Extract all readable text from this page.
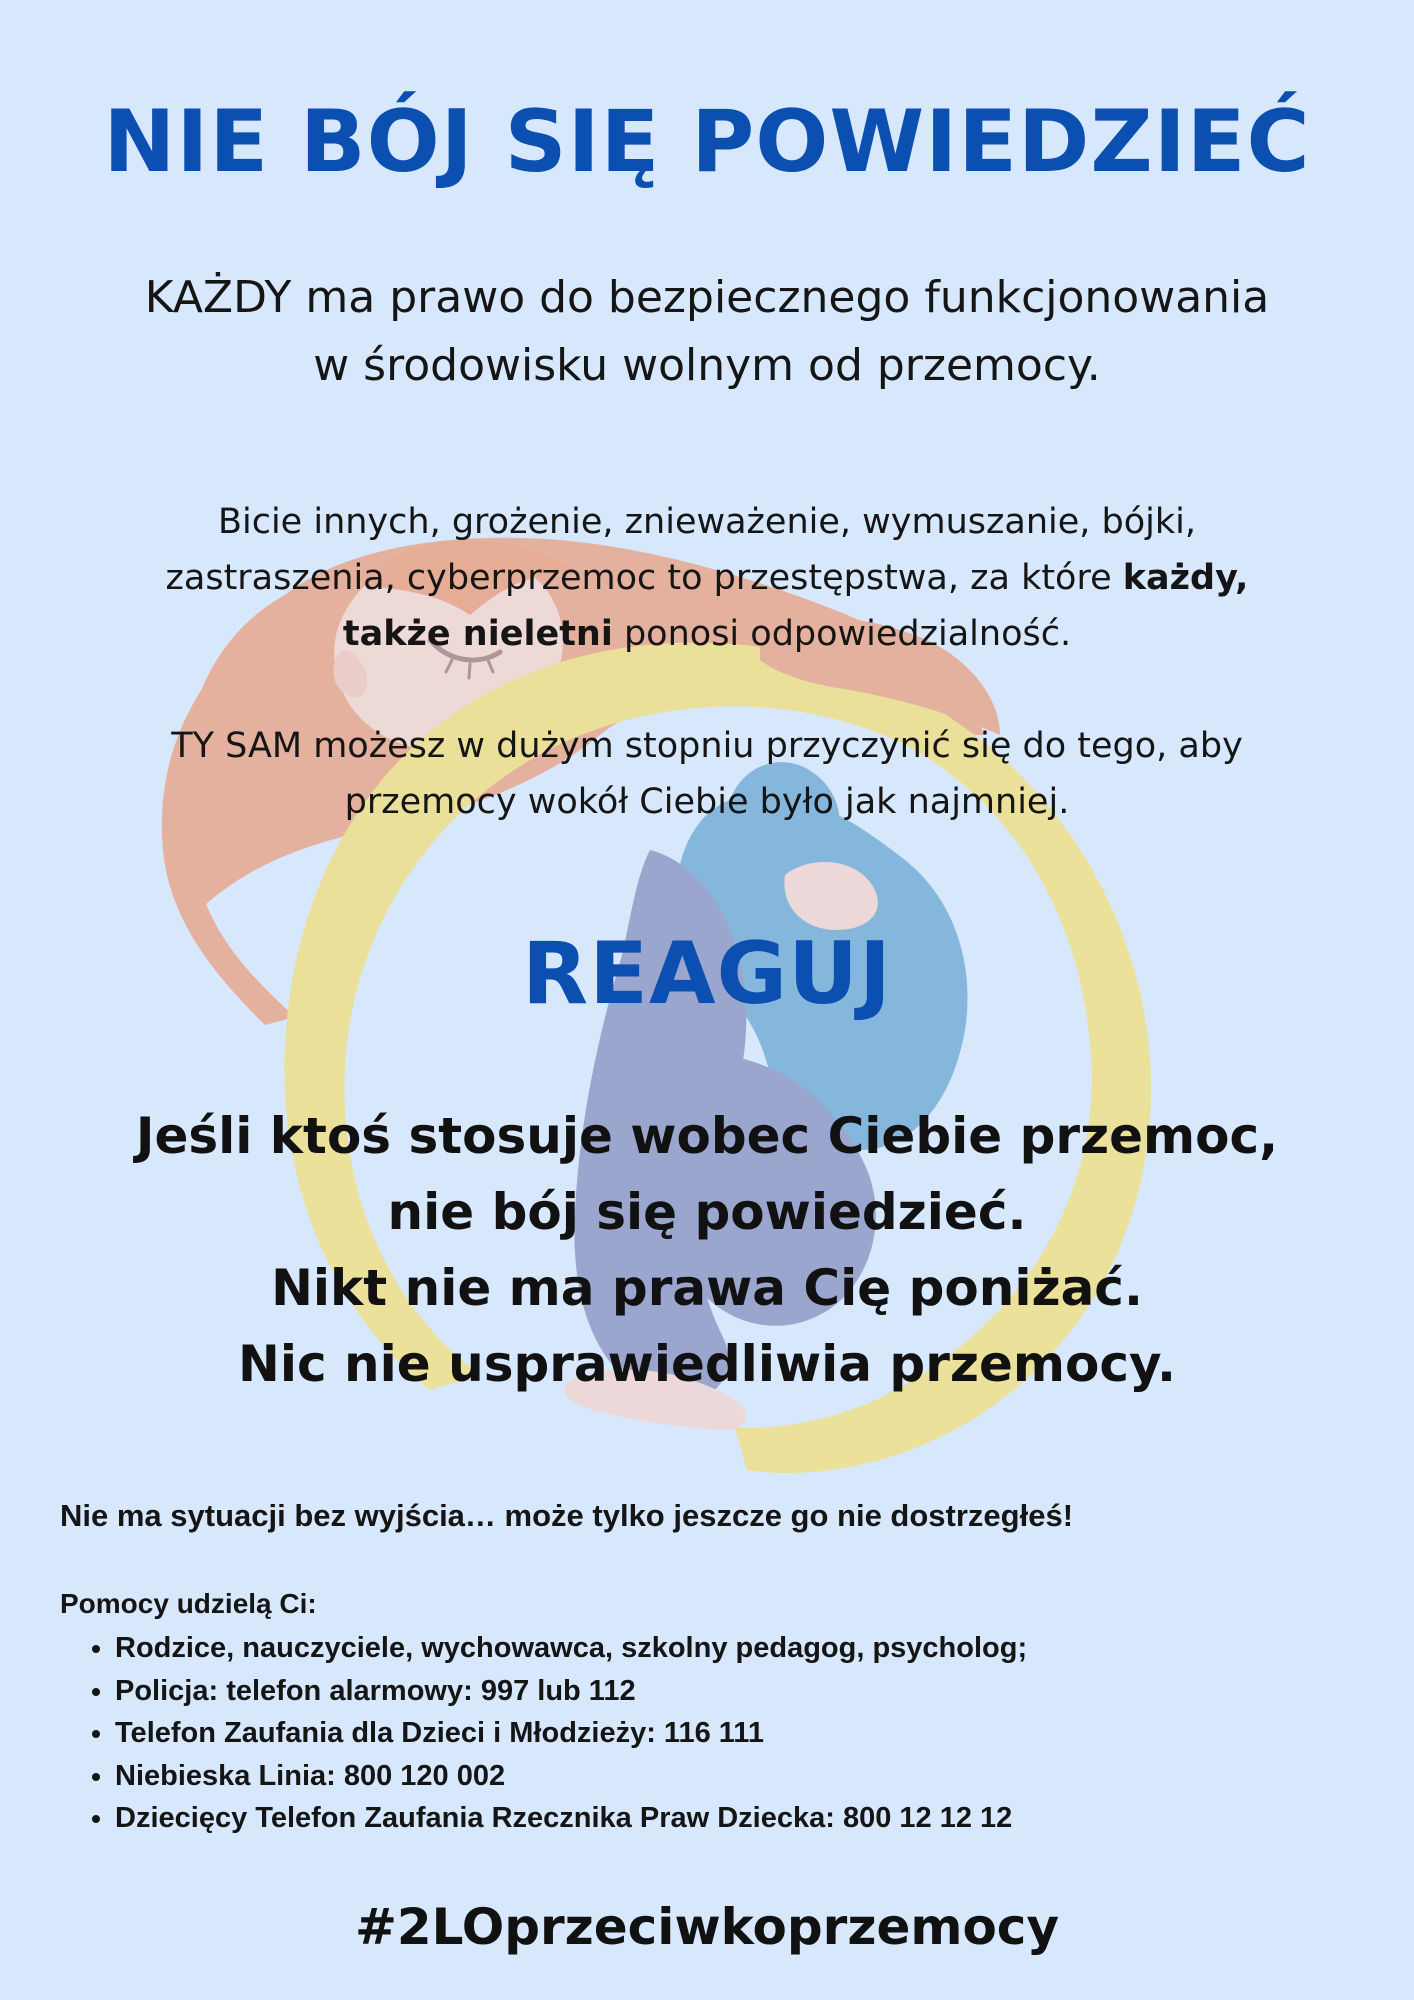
NIE BÓJ SIĘ POWIEDZIEĆ
KAŻDY ma prawo do bezpiecznego funkcjonowania
w środowisku wolnym od przemocy.
Bicie innych, grożenie, znieważenie, wymuszanie, bójki,
zastraszenia, cyberprzemoc to przestępstwa, za które każdy,
także nieletni ponosi odpowiedzialność.
TY SAM możesz w dużym stopniu przyczynić się do tego, aby
przemocy wokół Ciebie było jak najmniej.
REAGUJ
Jeśli ktoś stosuje wobec Ciebie przemoc,
nie bój się powiedzieć.
Nikt nie ma prawa Cię poniżać.
Nic nie usprawiedliwia przemocy.
Nie ma sytuacji bez wyjścia… może tylko jeszcze go nie dostrzegłeś!
Pomocy udzielą Ci:
• Rodzice, nauczyciele, wychowawca, szkolny pedagog, psycholog;
• Policja: telefon alarmowy: 997 lub 112
• Telefon Zaufania dla Dzieci i Młodzieży: 116 111
• Niebieska Linia: 800 120 002
• Dziecięcy Telefon Zaufania Rzecznika Praw Dziecka: 800 12 12 12
#2LOprzeciwkoprzemocy
